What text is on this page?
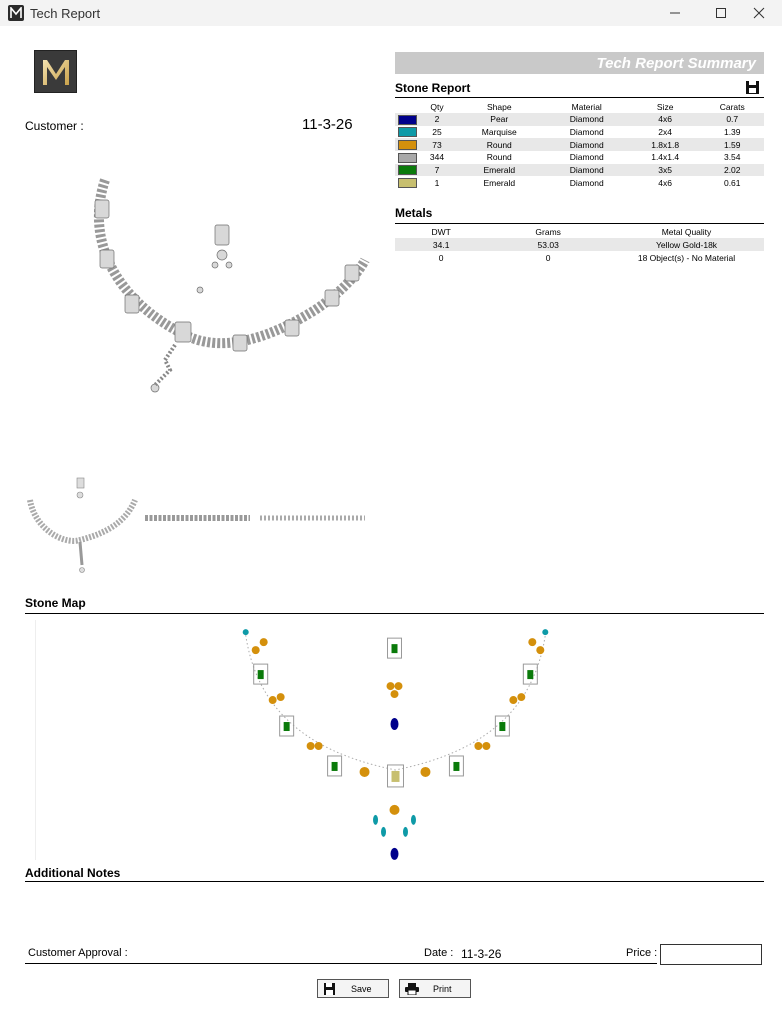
Tech Report
Customer :	11-3-26
Tech Report Summary
Stone Report
	Qty	Shape	Material	Size	Carats
	2	Pear	Diamond	4x6	0.7
	25	Marquise	Diamond	2x4	1.39
	73	Round	Diamond	1.8x1.8	1.59
	344	Round	Diamond	1.4x1.4	3.54
	7	Emerald	Diamond	3x5	2.02
	1	Emerald	Diamond	4x6	0.61
Metals
DWT	Grams	Metal Quality
34.1	53.03	Yellow Gold-18k
0	0	18 Object(s) - No Material
Stone Map
Additional Notes
Customer Approval :	Date : 11-3-26	Price :
Save	Print
